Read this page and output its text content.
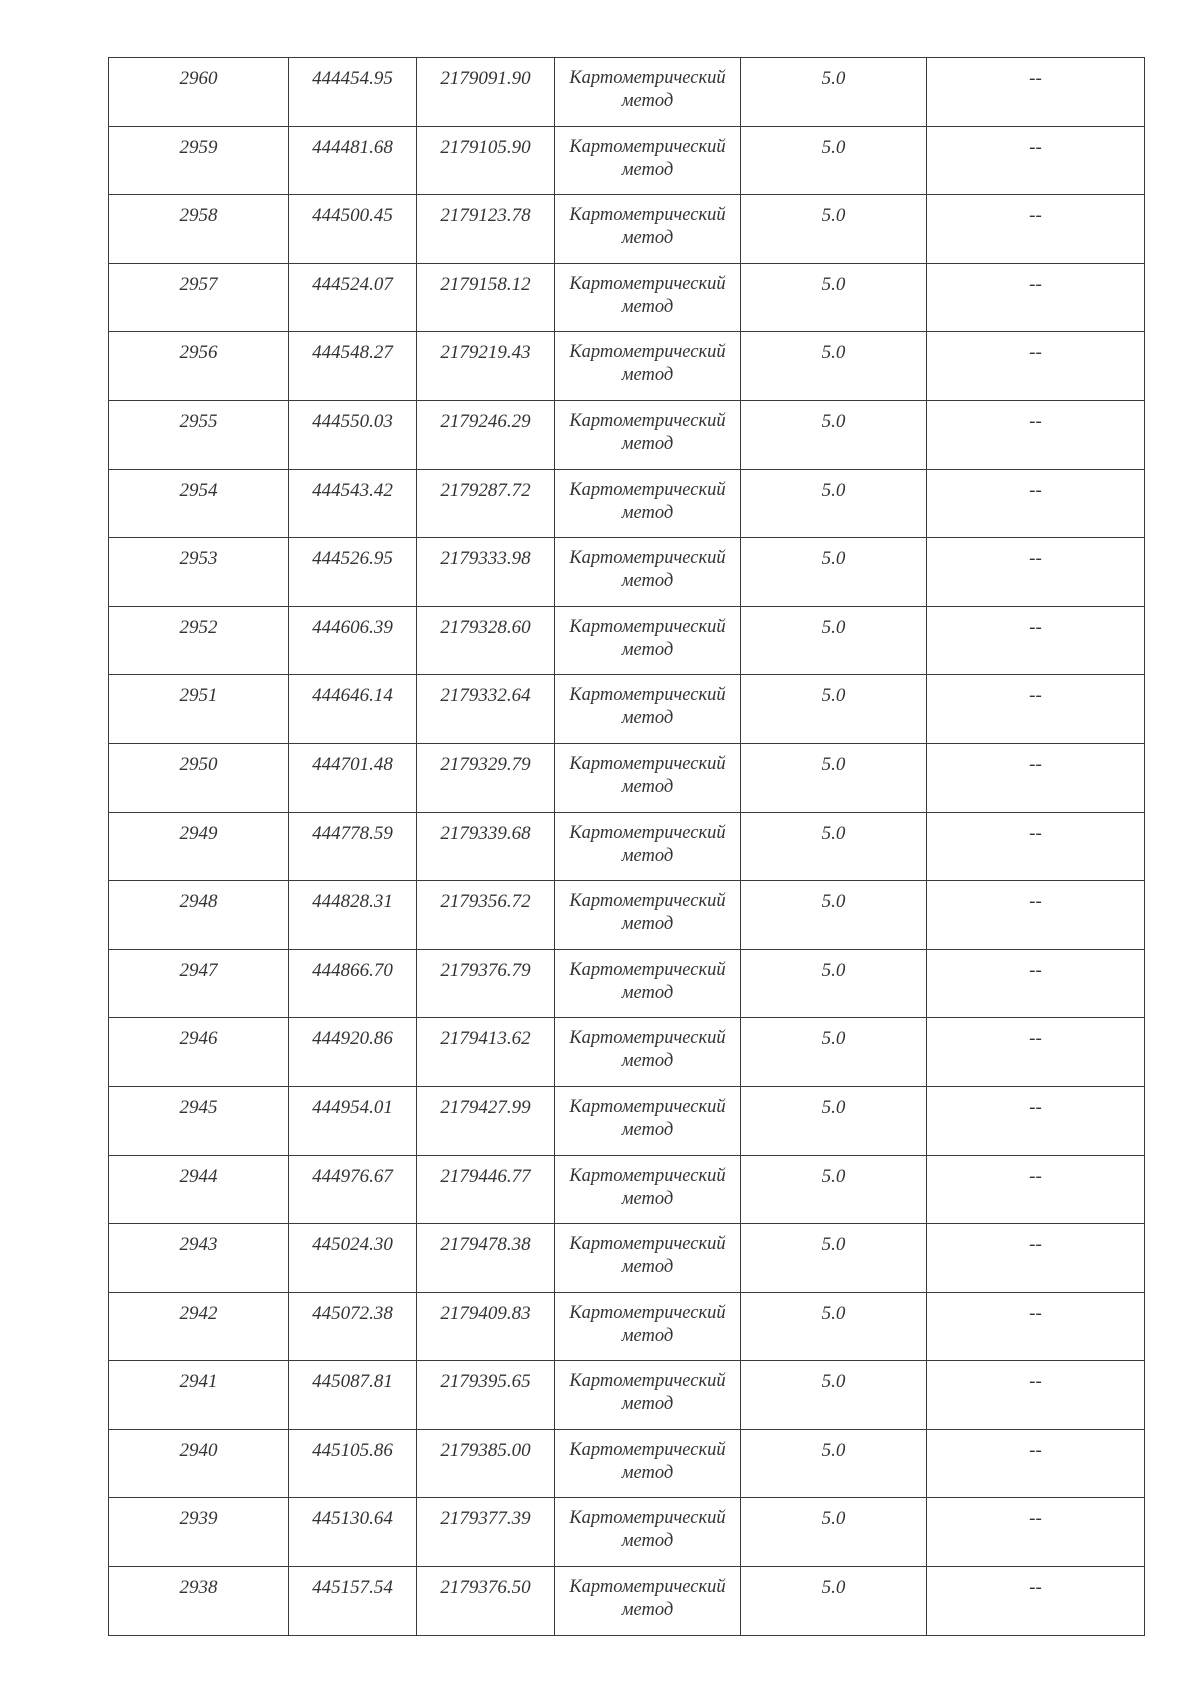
2960	444454.95	2179091.90	Картометрический метод	5.0	--
2959	444481.68	2179105.90	Картометрический метод	5.0	--
2958	444500.45	2179123.78	Картометрический метод	5.0	--
2957	444524.07	2179158.12	Картометрический метод	5.0	--
2956	444548.27	2179219.43	Картометрический метод	5.0	--
2955	444550.03	2179246.29	Картометрический метод	5.0	--
2954	444543.42	2179287.72	Картометрический метод	5.0	--
2953	444526.95	2179333.98	Картометрический метод	5.0	--
2952	444606.39	2179328.60	Картометрический метод	5.0	--
2951	444646.14	2179332.64	Картометрический метод	5.0	--
2950	444701.48	2179329.79	Картометрический метод	5.0	--
2949	444778.59	2179339.68	Картометрический метод	5.0	--
2948	444828.31	2179356.72	Картометрический метод	5.0	--
2947	444866.70	2179376.79	Картометрический метод	5.0	--
2946	444920.86	2179413.62	Картометрический метод	5.0	--
2945	444954.01	2179427.99	Картометрический метод	5.0	--
2944	444976.67	2179446.77	Картометрический метод	5.0	--
2943	445024.30	2179478.38	Картометрический метод	5.0	--
2942	445072.38	2179409.83	Картометрический метод	5.0	--
2941	445087.81	2179395.65	Картометрический метод	5.0	--
2940	445105.86	2179385.00	Картометрический метод	5.0	--
2939	445130.64	2179377.39	Картометрический метод	5.0	--
2938	445157.54	2179376.50	Картометрический метод	5.0	--
